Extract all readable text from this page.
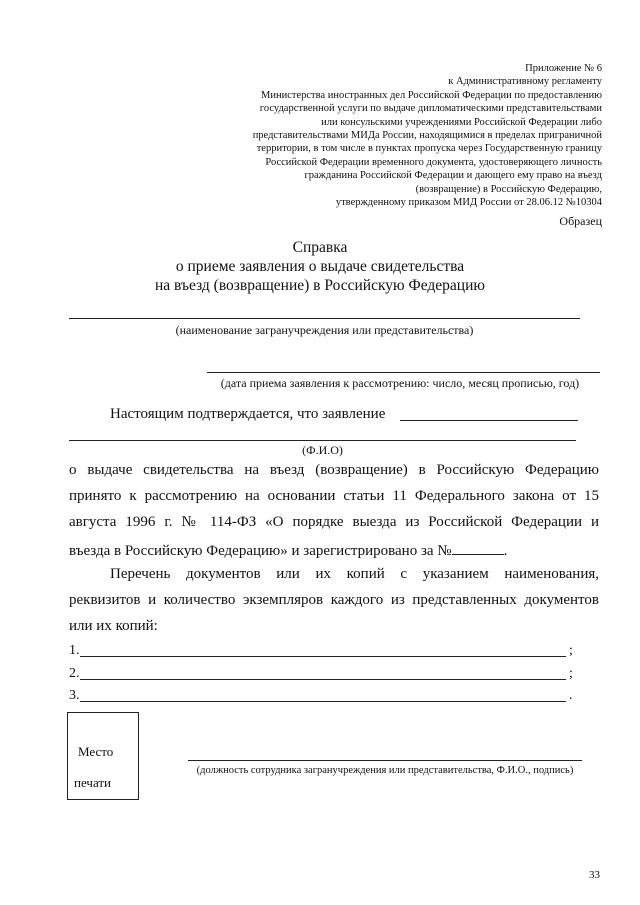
Приложение № 6
к Административному регламенту
Министерства иностранных дел Российской Федерации по предоставлению
государственной услуги по выдаче дипломатическими представительствами
или консульскими учреждениями Российской Федерации либо
представительствами МИДа России, находящимися в пределах приграничной
территории, в том числе в пунктах пропуска через Государственную границу
Российской Федерации временного документа, удостоверяющего личность
гражданина Российской Федерации и дающего ему право на въезд
(возвращение) в Российскую Федерацию,
утвержденному приказом МИД России от 28.06.12 №10304
Образец
Справка
о приеме заявления о выдаче свидетельства
на въезд (возвращение) в Российскую Федерацию
(наименование загранучреждения или представительства)
(дата приема заявления к рассмотрению: число, месяц прописью, год)
Настоящим подтверждается, что заявление
(Ф.И.О)
о выдаче свидетельства на въезд (возвращение) в Российскую Федерацию
принято к рассмотрению на основании статьи 11 Федерального закона от 15
августа 1996 г. № 114-ФЗ «О порядке выезда из Российской Федерации и
въезда в Российскую Федерацию» и зарегистрировано за №	.
Перечень документов или их копий с указанием наименования,
реквизитов и количество экземпляров каждого из представленных документов
или их копий:
1.	;
2.	;
3.	.
Место
печати
(должность сотрудника загранучреждения или представительства, Ф.И.О., подпись)
33
